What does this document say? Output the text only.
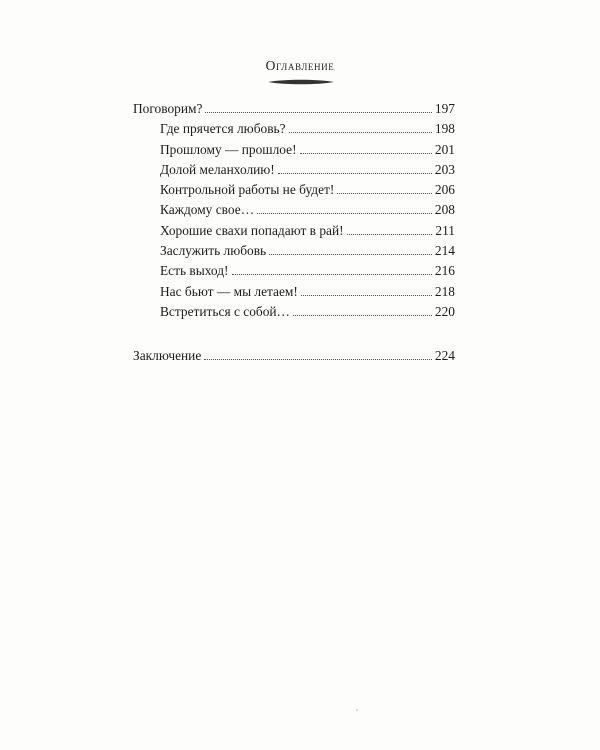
Оглавление
Поговорим?	197
Где прячется любовь?	198
Прошлому — прошлое!	201
Долой меланхолию!	203
Контрольной работы не будет!	206
Каждому свое…	208
Хорошие свахи попадают в рай!	211
Заслужить любовь	214
Есть выход!	216
Нас бьют — мы летаем!	218
Встретиться с собой…	220
Заключение	224
